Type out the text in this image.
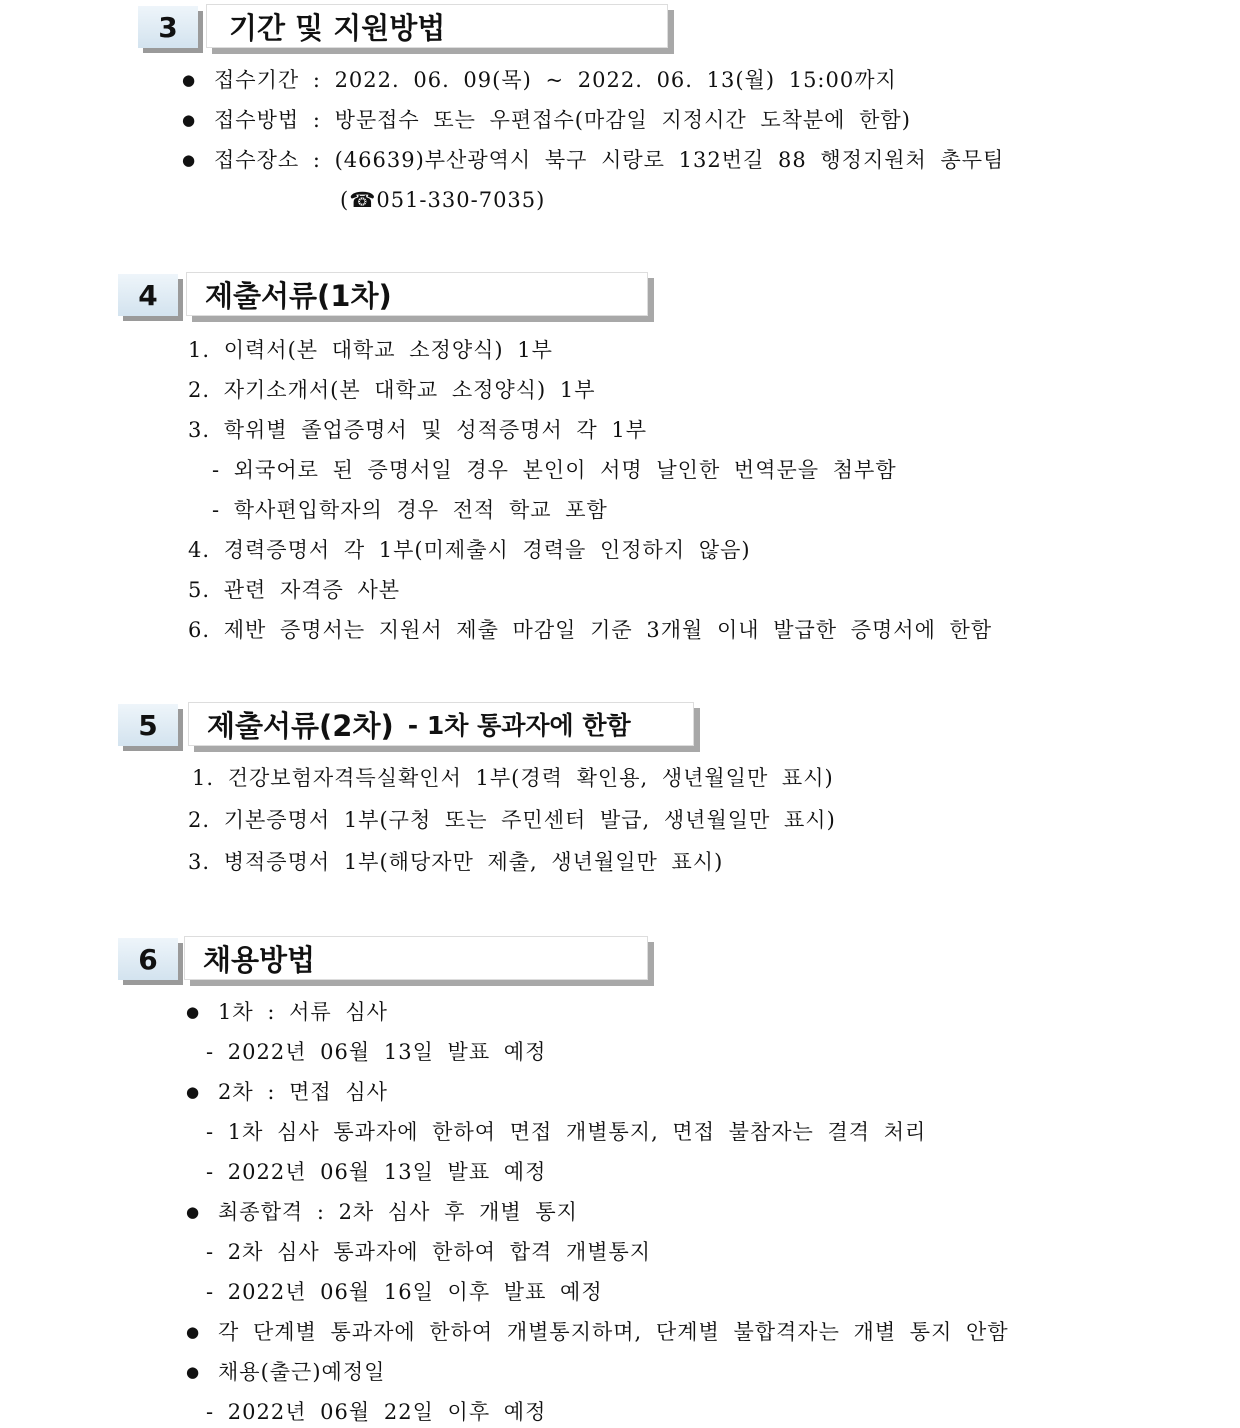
3	기간 및 지원방법
● 접수기간 : 2022. 06. 09(목) ~ 2022. 06. 13(월) 15:00까지
● 접수방법 : 방문접수 또는 우편접수(마감일 지정시간 도착분에 한함)
● 접수장소 : (46639)부산광역시 북구 시랑로 132번길 88 행정지원처 총무팀
(☎051-330-7035)
4	제출서류(1차)
1. 이력서(본 대학교 소정양식) 1부
2. 자기소개서(본 대학교 소정양식) 1부
3. 학위별 졸업증명서 및 성적증명서 각 1부
- 외국어로 된 증명서일 경우 본인이 서명 날인한 번역문을 첨부함
- 학사편입학자의 경우 전적 학교 포함
4. 경력증명서 각 1부(미제출시 경력을 인정하지 않음)
5. 관련 자격증 사본
6. 제반 증명서는 지원서 제출 마감일 기준 3개월 이내 발급한 증명서에 한함
5	제출서류(2차) - 1차 통과자에 한함
1. 건강보험자격득실확인서 1부(경력 확인용, 생년월일만 표시)
2. 기본증명서 1부(구청 또는 주민센터 발급, 생년월일만 표시)
3. 병적증명서 1부(해당자만 제출, 생년월일만 표시)
6	채용방법
● 1차 : 서류 심사
- 2022년 06월 13일 발표 예정
● 2차 : 면접 심사
- 1차 심사 통과자에 한하여 면접 개별통지, 면접 불참자는 결격 처리
- 2022년 06월 13일 발표 예정
● 최종합격 : 2차 심사 후 개별 통지
- 2차 심사 통과자에 한하여 합격 개별통지
- 2022년 06월 16일 이후 발표 예정
● 각 단계별 통과자에 한하여 개별통지하며, 단계별 불합격자는 개별 통지 안함
● 채용(출근)예정일
- 2022년 06월 22일 이후 예정
